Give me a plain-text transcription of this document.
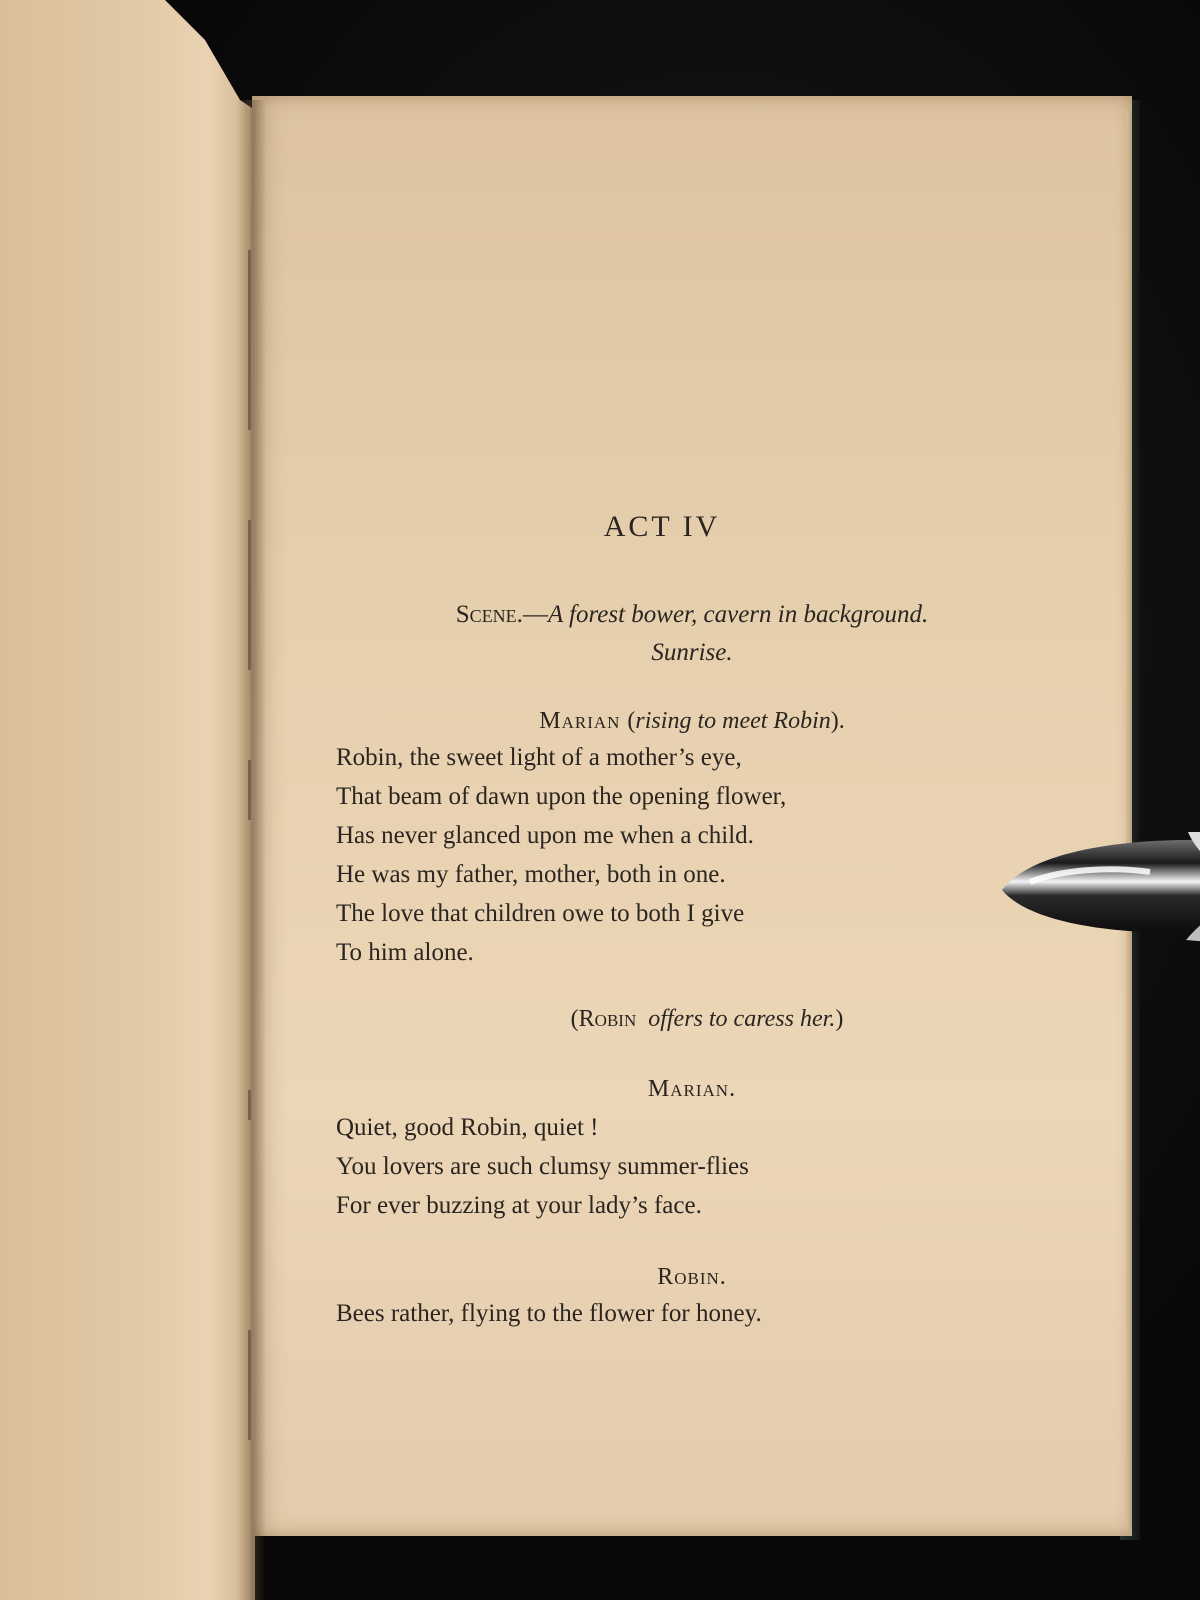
ACT IV
Scene.—A forest bower, cavern in background.
Sunrise.
Marian (rising to meet Robin).
Robin, the sweet light of a mother’s eye,
That beam of dawn upon the opening flower,
Has never glanced upon me when a child.
He was my father, mother, both in one.
The love that children owe to both I give
To him alone.
(Robin offers to caress her.)
Marian.
Quiet, good Robin, quiet !
You lovers are such clumsy summer-flies
For ever buzzing at your lady’s face.
Robin.
Bees rather, flying to the flower for honey.
